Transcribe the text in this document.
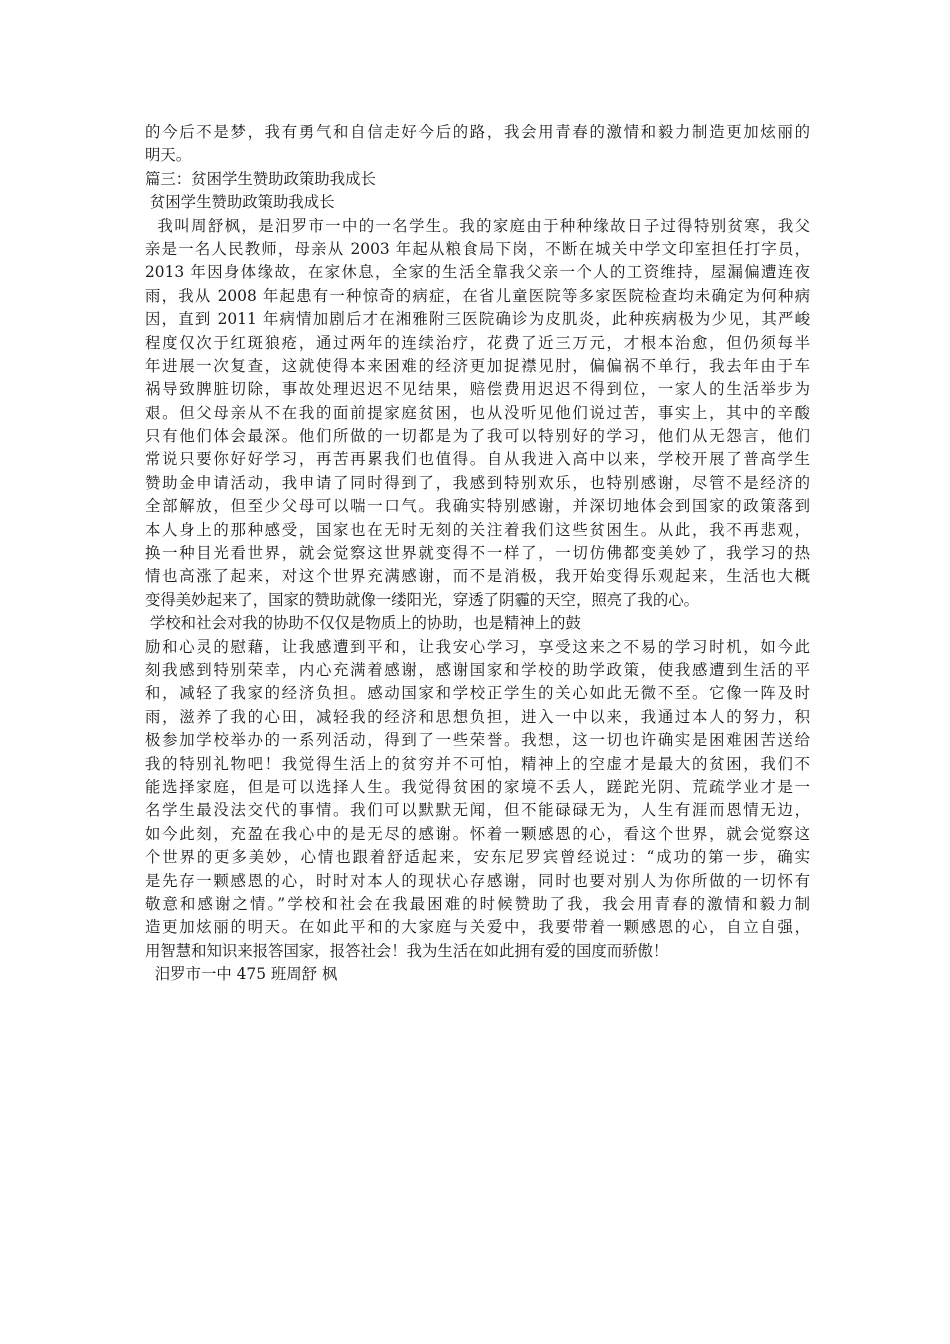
的今后不是梦，我有勇气和自信走好今后的路，我会用青春的激情和毅力制造更加炫丽的
明天。
篇三：贫困学生赞助政策助我成长
贫困学生赞助政策助我成长
我叫周舒枫，是汨罗市一中的一名学生。我的家庭由于种种缘故日子过得特别贫寒，我父
亲是一名人民教师，母亲从 2003 年起从粮食局下岗，不断在城关中学文印室担任打字员，
2013 年因身体缘故，在家休息，全家的生活全靠我父亲一个人的工资维持，屋漏偏遭连夜
雨，我从 2008 年起患有一种惊奇的病症，在省儿童医院等多家医院检查均未确定为何种病
因，直到 2011 年病情加剧后才在湘雅附三医院确诊为皮肌炎，此种疾病极为少见，其严峻
程度仅次于红斑狼疮，通过两年的连续治疗，花费了近三万元，才根本治愈，但仍须每半
年进展一次复查，这就使得本来困难的经济更加捉襟见肘，偏偏祸不单行，我去年由于车
祸导致脾脏切除，事故处理迟迟不见结果，赔偿费用迟迟不得到位，一家人的生活举步为
艰。但父母亲从不在我的面前提家庭贫困，也从没听见他们说过苦，事实上，其中的辛酸
只有他们体会最深。他们所做的一切都是为了我可以特别好的学习，他们从无怨言，他们
常说只要你好好学习，再苦再累我们也值得。自从我进入高中以来，学校开展了普高学生
赞助金申请活动，我申请了同时得到了，我感到特别欢乐，也特别感谢，尽管不是经济的
全部解放，但至少父母可以喘一口气。我确实特别感谢，并深切地体会到国家的政策落到
本人身上的那种感受，国家也在无时无刻的关注着我们这些贫困生。从此，我不再悲观，
换一种目光看世界，就会觉察这世界就变得不一样了，一切仿佛都变美妙了，我学习的热
情也高涨了起来，对这个世界充满感谢，而不是消极，我开始变得乐观起来，生活也大概
变得美妙起来了，国家的赞助就像一缕阳光，穿透了阴霾的天空，照亮了我的心。
学校和社会对我的协助不仅仅是物质上的协助，也是精神上的鼓
励和心灵的慰藉，让我感遭到平和，让我安心学习，享受这来之不易的学习时机，如今此
刻我感到特别荣幸，内心充满着感谢，感谢国家和学校的助学政策，使我感遭到生活的平
和，减轻了我家的经济负担。感动国家和学校正学生的关心如此无微不至。它像一阵及时
雨，滋养了我的心田，减轻我的经济和思想负担，进入一中以来，我通过本人的努力，积
极参加学校举办的一系列活动，得到了一些荣誉。我想，这一切也许确实是困难困苦送给
我的特别礼物吧！我觉得生活上的贫穷并不可怕，精神上的空虚才是最大的贫困，我们不
能选择家庭，但是可以选择人生。我觉得贫困的家境不丢人，蹉跎光阴、荒疏学业才是一
名学生最没法交代的事情。我们可以默默无闻，但不能碌碌无为，人生有涯而恩情无边，
如今此刻，充盈在我心中的是无尽的感谢。怀着一颗感恩的心，看这个世界，就会觉察这
个世界的更多美妙，心情也跟着舒适起来，安东尼罗宾曾经说过：“成功的第一步，确实
是先存一颗感恩的心，时时对本人的现状心存感谢，同时也要对别人为你所做的一切怀有
敬意和感谢之情。”学校和社会在我最困难的时候赞助了我，我会用青春的激情和毅力制
造更加炫丽的明天。在如此平和的大家庭与关爱中，我要带着一颗感恩的心，自立自强，
用智慧和知识来报答国家，报答社会！我为生活在如此拥有爱的国度而骄傲！
汨罗市一中 475 班周舒 枫
